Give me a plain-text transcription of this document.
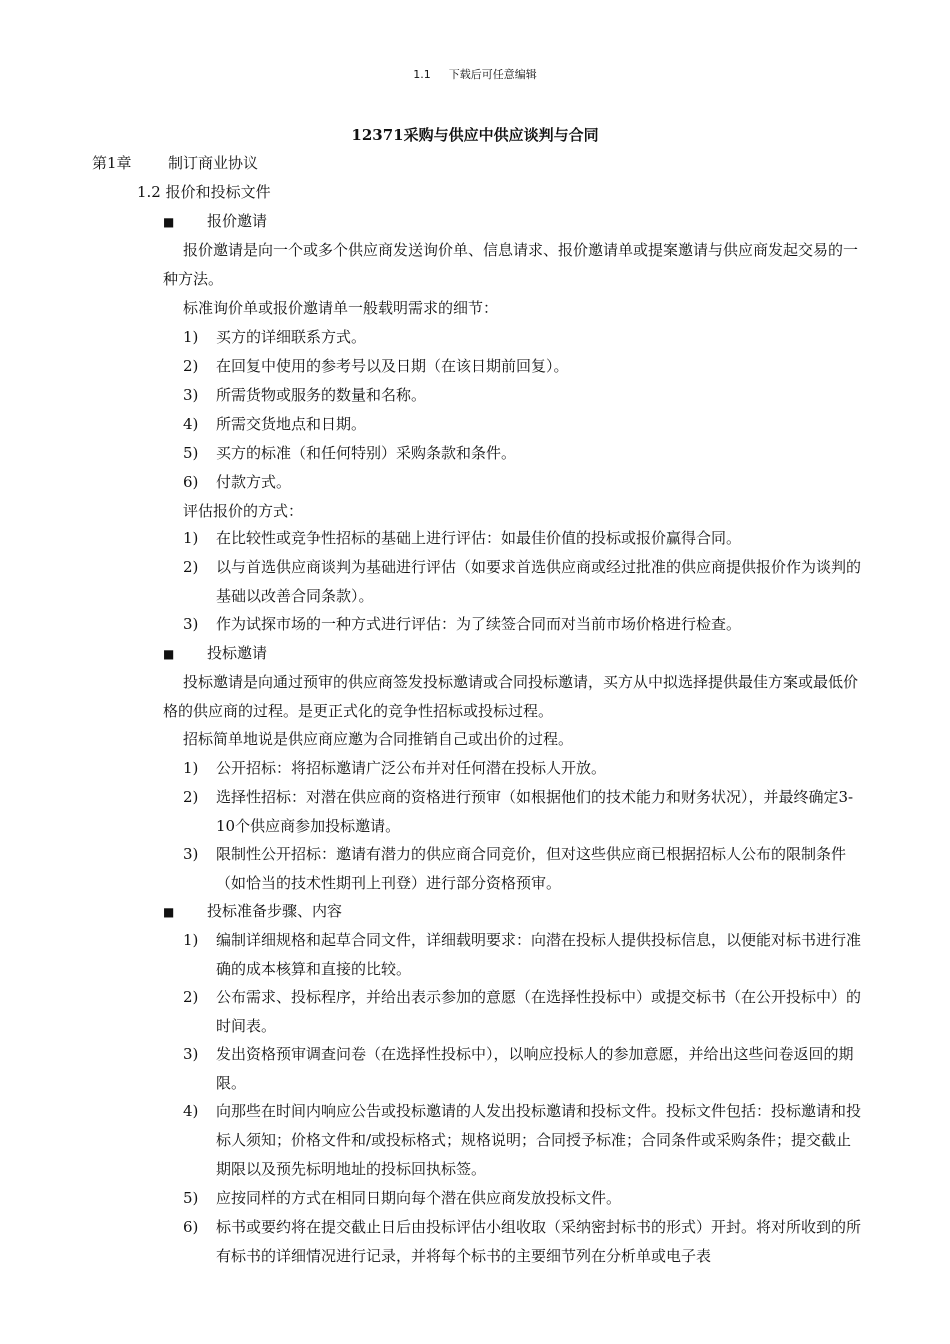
1.1 下载后可任意编辑
12371采购与供应中供应谈判与合同
第1章 制订商业协议
1.2 报价和投标文件
■ 报价邀请
报价邀请是向一个或多个供应商发送询价单、信息请求、报价邀请单或提案邀请与供应商发起交易的一种方法。
标准询价单或报价邀请单一般载明需求的细节：
1)	买方的详细联系方式。
2)	在回复中使用的参考号以及日期（在该日期前回复）。
3)	所需货物或服务的数量和名称。
4)	所需交货地点和日期。
5)	买方的标准（和任何特别）采购条款和条件。
6)	付款方式。
评估报价的方式：
1)	在比较性或竞争性招标的基础上进行评估：如最佳价值的投标或报价赢得合同。
2)	以与首选供应商谈判为基础进行评估（如要求首选供应商或经过批准的供应商提供报价作为谈判的基础以改善合同条款）。
3)	作为试探市场的一种方式进行评估：为了续签合同而对当前市场价格进行检查。
■ 投标邀请
投标邀请是向通过预审的供应商签发投标邀请或合同投标邀请，买方从中拟选择提供最佳方案或最低价格的供应商的过程。是更正式化的竞争性招标或投标过程。
招标简单地说是供应商应邀为合同推销自己或出价的过程。
1)	公开招标：将招标邀请广泛公布并对任何潜在投标人开放。
2)	选择性招标：对潜在供应商的资格进行预审（如根据他们的技术能力和财务状况），并最终确定3-10个供应商参加投标邀请。
3)	限制性公开招标：邀请有潜力的供应商合同竞价，但对这些供应商已根据招标人公布的限制条件（如恰当的技术性期刊上刊登）进行部分资格预审。
■ 投标准备步骤、内容
1)	编制详细规格和起草合同文件，详细载明要求：向潜在投标人提供投标信息，以便能对标书进行准确的成本核算和直接的比较。
2)	公布需求、投标程序，并给出表示参加的意愿（在选择性投标中）或提交标书（在公开投标中）的时间表。
3)	发出资格预审调查问卷（在选择性投标中），以响应投标人的参加意愿，并给出这些问卷返回的期限。
4)	向那些在时间内响应公告或投标邀请的人发出投标邀请和投标文件。投标文件包括：投标邀请和投标人须知；价格文件和/或投标格式；规格说明；合同授予标准；合同条件或采购条件；提交截止期限以及预先标明地址的投标回执标签。
5)	应按同样的方式在相同日期向每个潜在供应商发放投标文件。
6)	标书或要约将在提交截止日后由投标评估小组收取（采纳密封标书的形式）开封。将对所收到的所有标书的详细情况进行记录，并将每个标书的主要细节列在分析单或电子表
